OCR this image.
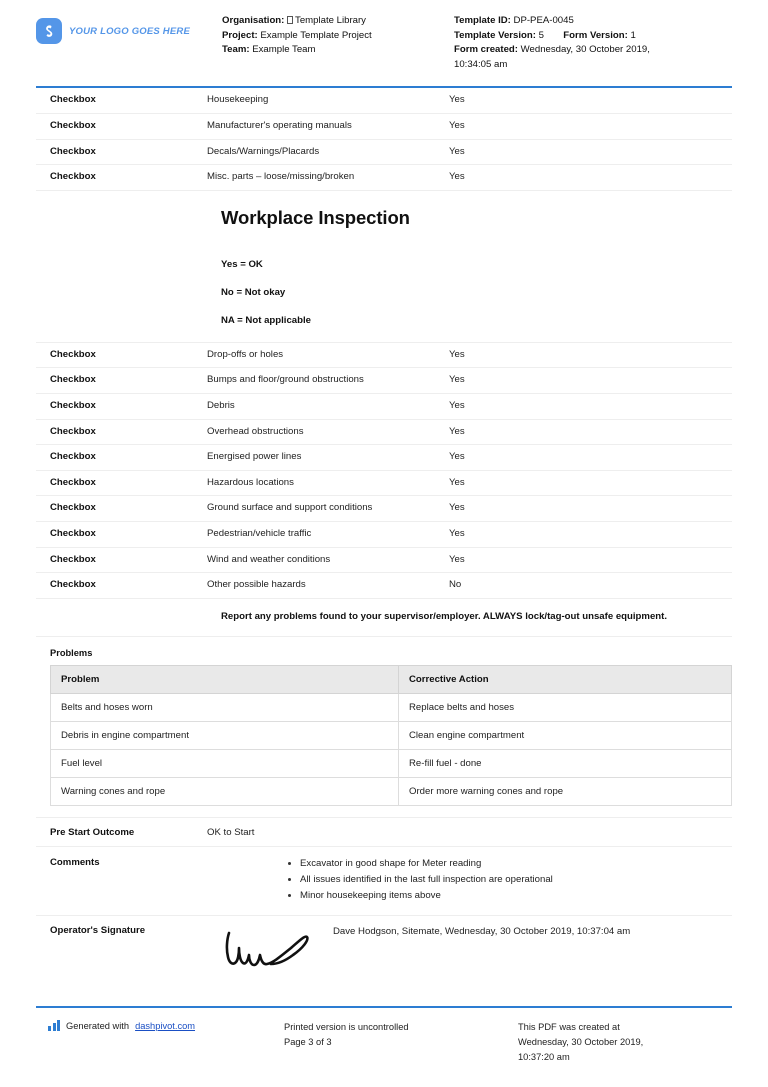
YOUR LOGO GOES HERE
Organisation: Template Library
Project: Example Template Project
Team: Example Team
Template ID: DP-PEA-0045
Template Version: 5 Form Version: 1
Form created: Wednesday, 30 October 2019,
10:34:05 am
Checkbox	Housekeeping	Yes
Checkbox	Manufacturer's operating manuals	Yes
Checkbox	Decals/Warnings/Placards	Yes
Checkbox	Misc. parts – loose/missing/broken	Yes
Workplace Inspection
Yes = OK
No = Not okay
NA = Not applicable
Checkbox	Drop-offs or holes	Yes
Checkbox	Bumps and floor/ground obstructions	Yes
Checkbox	Debris	Yes
Checkbox	Overhead obstructions	Yes
Checkbox	Energised power lines	Yes
Checkbox	Hazardous locations	Yes
Checkbox	Ground surface and support conditions	Yes
Checkbox	Pedestrian/vehicle traffic	Yes
Checkbox	Wind and weather conditions	Yes
Checkbox	Other possible hazards	No
Report any problems found to your supervisor/employer. ALWAYS lock/tag-out unsafe equipment.
Problems
Problem	Corrective Action
Belts and hoses worn	Replace belts and hoses
Debris in engine compartment	Clean engine compartment
Fuel level	Re-fill fuel - done
Warning cones and rope	Order more warning cones and rope
Pre Start Outcome	OK to Start
Comments	Excavator in good shape for Meter reading
All issues identified in the last full inspection are operational
Minor housekeeping items above
Operator's Signature	Dave Hodgson, Sitemate, Wednesday, 30 October 2019, 10:37:04 am
Generated with dashpivot.com	Printed version is uncontrolled
Page 3 of 3
This PDF was created at
Wednesday, 30 October 2019,
10:37:20 am
